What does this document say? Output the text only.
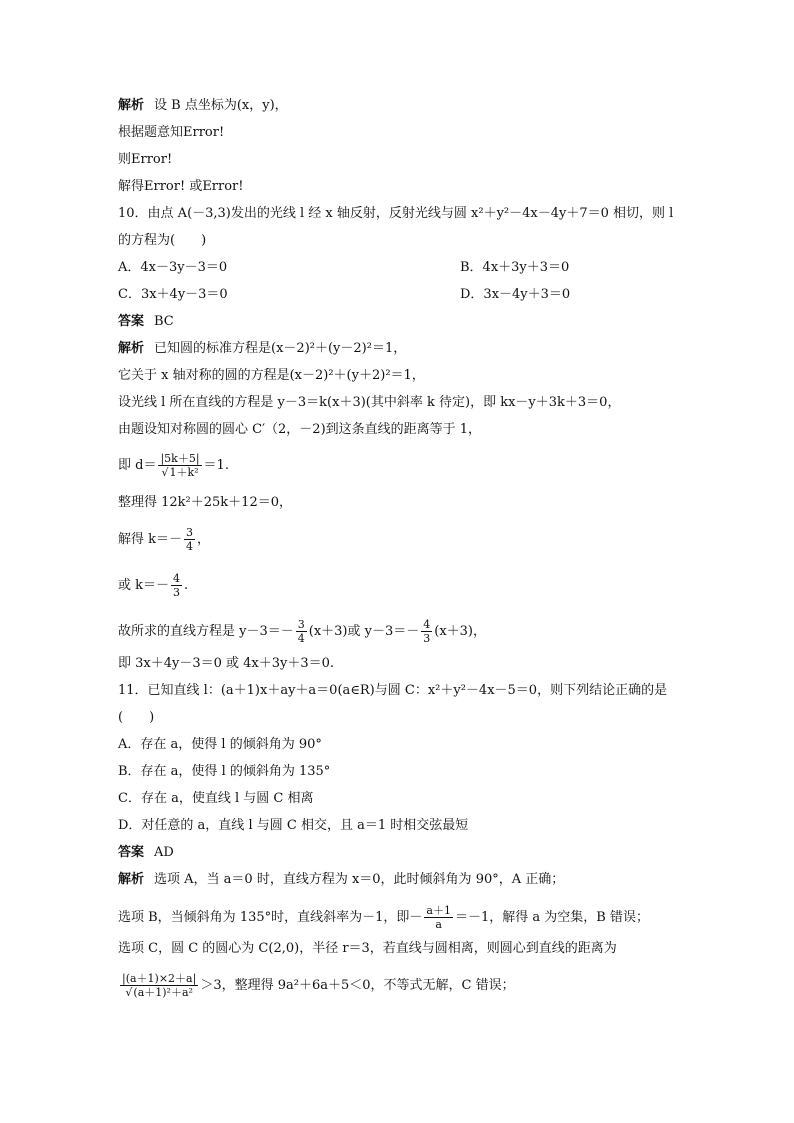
解析 设 B 点坐标为(x，y)，
根据题意知Error!
则Error!
解得Error! 或Error!
10．由点 A(－3,3)发出的光线 l 经 x 轴反射，反射光线与圆 x²＋y²－4x－4y＋7＝0 相切，则 l
的方程为(　　)
A．4x－3y－3＝0	B．4x＋3y＋3＝0
C．3x＋4y－3＝0	D．3x－4y＋3＝0
答案 BC
解析 已知圆的标准方程是(x－2)²＋(y－2)²＝1，
它关于 x 轴对称的圆的方程是(x－2)²＋(y＋2)²＝1，
设光线 l 所在直线的方程是 y－3＝k(x＋3)(其中斜率 k 待定)，即 kx－y＋3k＋3＝0，
由题设知对称圆的圆心 C′（2，－2)到这条直线的距离等于 1，
即 $d= \frac{|5k+5|}{\text{√1＋k²}} =1$.
整理得 12k²＋25k＋12＝0，
解得 $k=- \frac{3}{4}$ ，
或 $k=- \frac{4}{3}$ .
故所求的直线方程是 $y-3=- \frac{3}{4} (x+3)$或 $y-3=- \frac{4}{3} (x+3)$，
即 3x＋4y－3＝0 或 4x＋3y＋3＝0.
11．已知直线 l：(a＋1)x＋ay＋a＝0(a∈R)与圆 C：x²＋y²－4x－5＝0，则下列结论正确的是
(　　)
A．存在 a，使得 l 的倾斜角为 90°
B．存在 a，使得 l 的倾斜角为 135°
C．存在 a，使直线 l 与圆 C 相离
D．对任意的 a，直线 l 与圆 C 相交，且 a＝1 时相交弦最短
答案 AD
解析 选项 A，当 a＝0 时，直线方程为 x＝0，此时倾斜角为 90°，A 正确；
选项 B，当倾斜角为 135°时，直线斜率为－1，即－ $\frac{a+1}{a} =-1$，解得 a 为空集，B 错误；
选项 C，圆 C 的圆心为 C(2,0)，半径 r＝3，若直线与圆相离，则圆心到直线的距离为
$\frac{|(a+1)\times 2+a|}{\text{√(a＋1)²＋a²}} >3$，整理得 9a²＋6a＋5＜0，不等式无解，C 错误；
